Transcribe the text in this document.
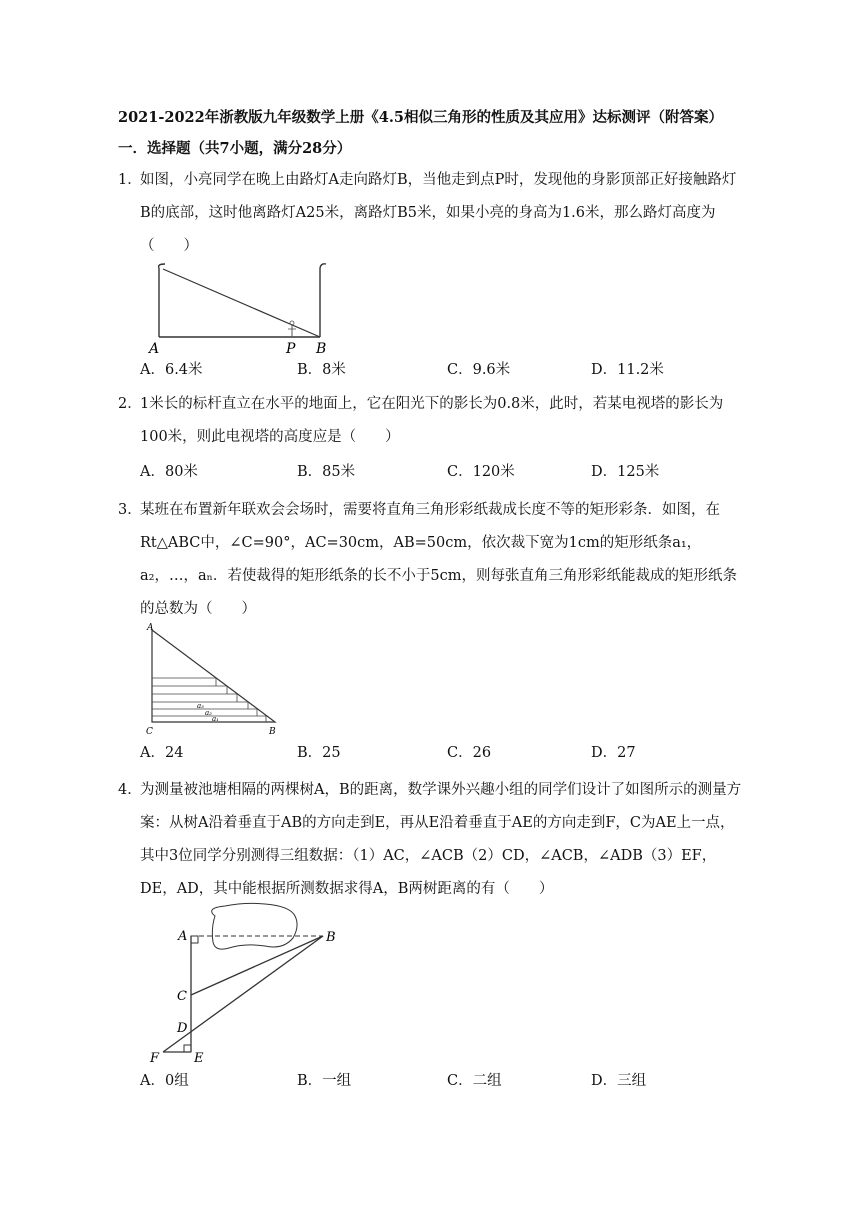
2021-2022年浙教版九年级数学上册《4.5相似三角形的性质及其应用》达标测评（附答案）
一．选择题（共7小题，满分28分）
1．
如图，小亮同学在晚上由路灯A走向路灯B，当他走到点P时，发现他的身影顶部正好接触路灯B的底部，这时他离路灯A25米，离路灯B5米，如果小亮的身高为1.6米，那么路灯高度为（　　）
A	P B
A．6.4米	B．8米	C．9.6米	D．11.2米
2．
1米长的标杆直立在水平的地面上，它在阳光下的影长为0.8米，此时，若某电视塔的影长为100米，则此电视塔的高度应是（　　）
A．80米	B．85米	C．120米	D．125米
3．
某班在布置新年联欢会会场时，需要将直角三角形彩纸裁成长度不等的矩形彩条．如图，在Rt△ABC中，∠C=90°，AC=30cm，AB=50cm，依次裁下宽为1cm的矩形纸条a₁，a₂，…，aₙ．若使裁得的矩形纸条的长不小于5cm，则每张直角三角形彩纸能裁成的矩形纸条的总数为（　　）
A
C	B
a₃
a₂
a₁
A．24	B．25	C．26	D．27
4．
为测量被池塘相隔的两棵树A，B的距离，数学课外兴趣小组的同学们设计了如图所示的测量方案：从树A沿着垂直于AB的方向走到E，再从E沿着垂直于AE的方向走到F，C为AE上一点，其中3位同学分别测得三组数据：（1）AC，∠ACB（2）CD，∠ACB，∠ADB（3）EF，DE，AD，其中能根据所测数据求得A，B两树距离的有（　　）
A	B
C
D
F	E
A．0组	B．一组	C．二组	D．三组
